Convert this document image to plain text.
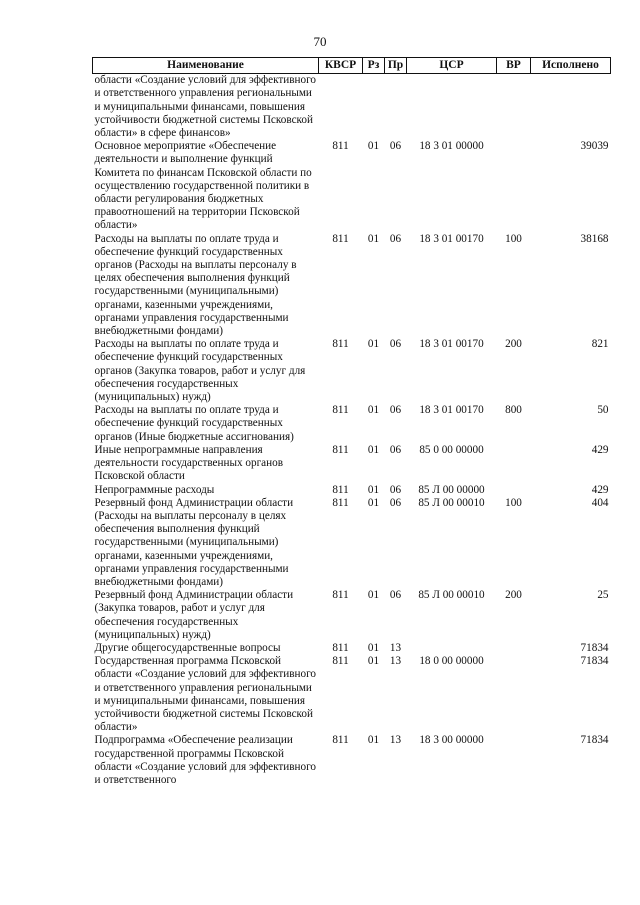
70
Наименование	КВСР	Рз	Пр	ЦСР	ВР	Исполнено
области «Создание условий для эффективного и ответственного управления региональными и муниципальными финансами, повышения устойчивости бюджетной системы Псковской области» в сфере финансов»						
Основное мероприятие «Обеспечение деятельности и выполнение функций Комитета по финансам Псковской области по осуществлению государственной политики в области регулирования бюджетных правоотношений на территории Псковской области»	811	01	06	18 3 01 00000		39039
Расходы на выплаты по оплате труда и обеспечение функций государственных органов (Расходы на выплаты персоналу в целях обеспечения выполнения функций государственными (муниципальными) органами, казенными учреждениями, органами управления государственными внебюджетными фондами)	811	01	06	18 3 01 00170	100	38168
Расходы на выплаты по оплате труда и обеспечение функций государственных органов (Закупка товаров, работ и услуг для обеспечения государственных (муниципальных) нужд)	811	01	06	18 3 01 00170	200	821
Расходы на выплаты по оплате труда и обеспечение функций государственных органов (Иные бюджетные ассигнования)	811	01	06	18 3 01 00170	800	50
Иные непрограммные направления деятельности государственных органов Псковской области	811	01	06	85 0 00 00000		429
Непрограммные расходы	811	01	06	85 Л 00 00000		429
Резервный фонд Администрации области (Расходы на выплаты персоналу в целях обеспечения выполнения функций государственными (муниципальными) органами, казенными учреждениями, органами управления государственными внебюджетными фондами)	811	01	06	85 Л 00 00010	100	404
Резервный фонд Администрации области (Закупка товаров, работ и услуг для обеспечения государственных (муниципальных) нужд)	811	01	06	85 Л 00 00010	200	25
Другие общегосударственные вопросы	811	01	13			71834
Государственная программа Псковской области «Создание условий для эффективного и ответственного управления региональными и муниципальными финансами, повышения устойчивости бюджетной системы Псковской области»	811	01	13	18 0 00 00000		71834
Подпрограмма «Обеспечение реализации государственной программы Псковской области «Создание условий для эффективного и ответственного	811	01	13	18 3 00 00000		71834
